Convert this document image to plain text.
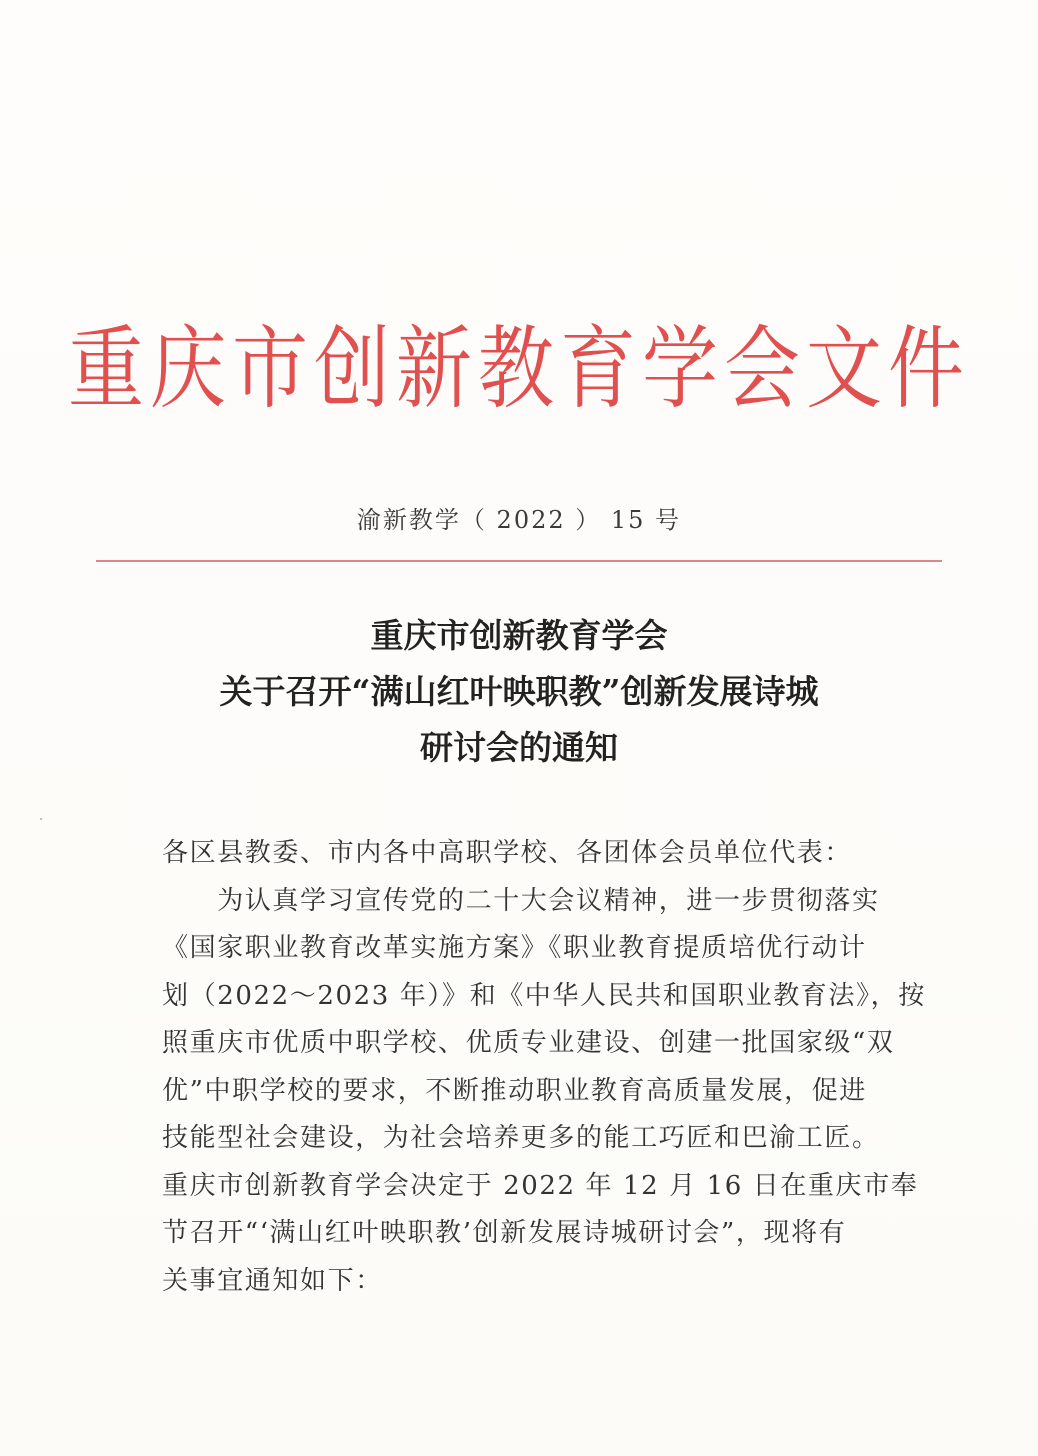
重庆市创新教育学会文件
渝新教学（ 2022 ） 15 号
重庆市创新教育学会
关于召开“满山红叶映职教”创新发展诗城
研讨会的通知
各区县教委、市内各中高职学校、各团体会员单位代表：
　　为认真学习宣传党的二十大会议精神，进一步贯彻落实
《国家职业教育改革实施方案》《职业教育提质培优行动计
划（2022～2023 年）》和《中华人民共和国职业教育法》，按
照重庆市优质中职学校、优质专业建设、创建一批国家级“双
优”中职学校的要求，不断推动职业教育高质量发展，促进
技能型社会建设，为社会培养更多的能工巧匠和巴渝工匠。
重庆市创新教育学会决定于 2022 年 12 月 16 日在重庆市奉
节召开“‘满山红叶映职教’创新发展诗城研讨会”，现将有
关事宜通知如下：
